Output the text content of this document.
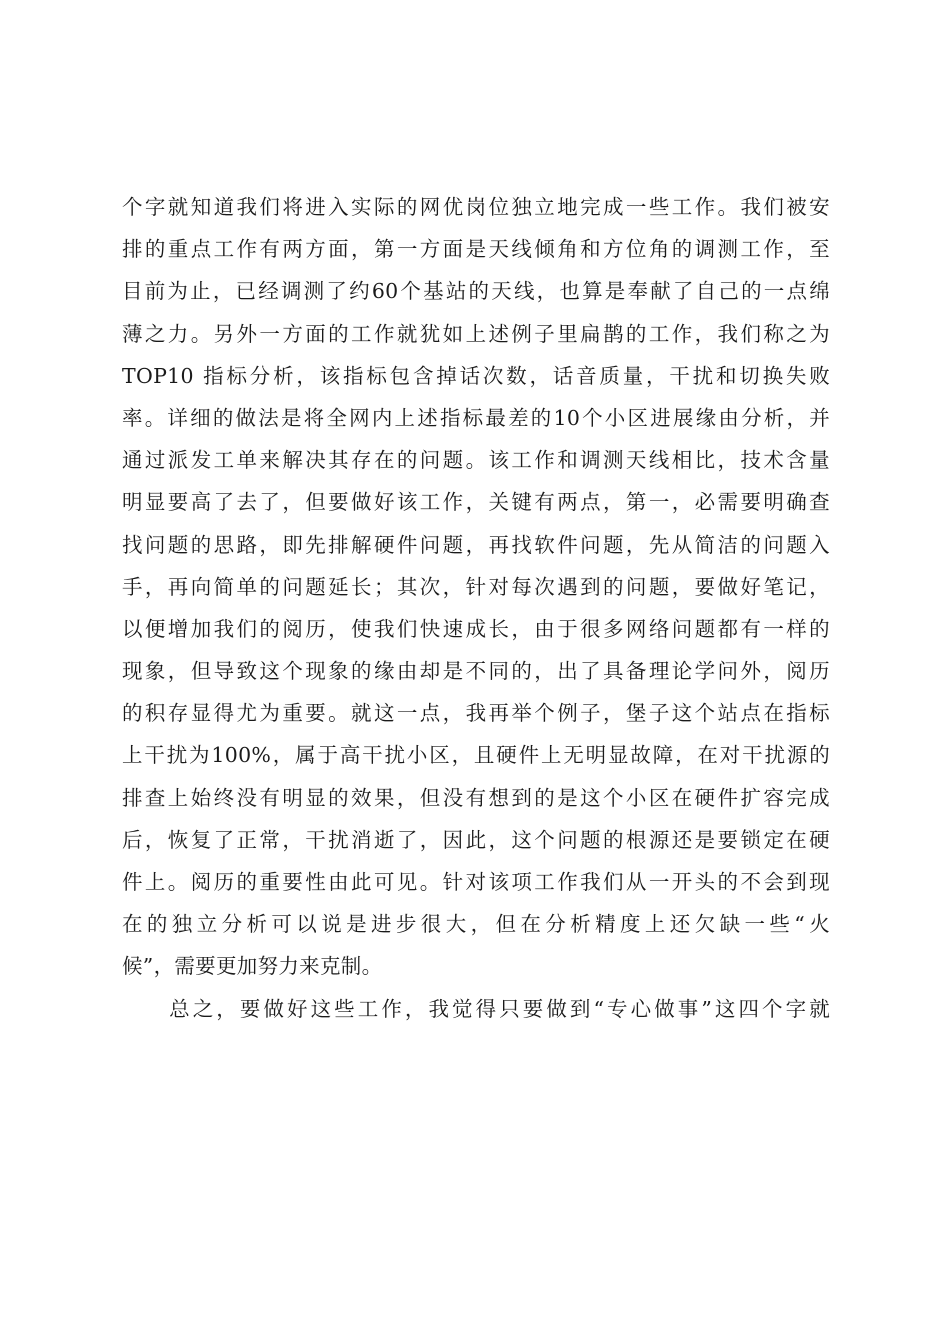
个字就知道我们将进入实际的网优岗位独立地完成一些工作。我们被安
排的重点工作有两方面，第一方面是天线倾角和方位角的调测工作，至
目前为止，已经调测了约60个基站的天线，也算是奉献了自己的一点绵
薄之力。另外一方面的工作就犹如上述例子里扁鹊的工作，我们称之为
TOP10 指标分析，该指标包含掉话次数，话音质量，干扰和切换失败
率。详细的做法是将全网内上述指标最差的10个小区进展缘由分析，并
通过派发工单来解决其存在的问题。该工作和调测天线相比，技术含量
明显要高了去了，但要做好该工作，关键有两点，第一，必需要明确查
找问题的思路，即先排解硬件问题，再找软件问题，先从简洁的问题入
手，再向简单的问题延长；其次，针对每次遇到的问题，要做好笔记，
以便增加我们的阅历，使我们快速成长，由于很多网络问题都有一样的
现象，但导致这个现象的缘由却是不同的，出了具备理论学问外，阅历
的积存显得尤为重要。就这一点，我再举个例子，堡子这个站点在指标
上干扰为100%，属于高干扰小区，且硬件上无明显故障，在对干扰源的
排查上始终没有明显的效果，但没有想到的是这个小区在硬件扩容完成
后，恢复了正常，干扰消逝了，因此，这个问题的根源还是要锁定在硬
件上。阅历的重要性由此可见。针对该项工作我们从一开头的不会到现
在的独立分析可以说是进步很大，但在分析精度上还欠缺一些“火
候”，需要更加努力来克制。
　　总之，要做好这些工作，我觉得只要做到“专心做事”这四个字就
